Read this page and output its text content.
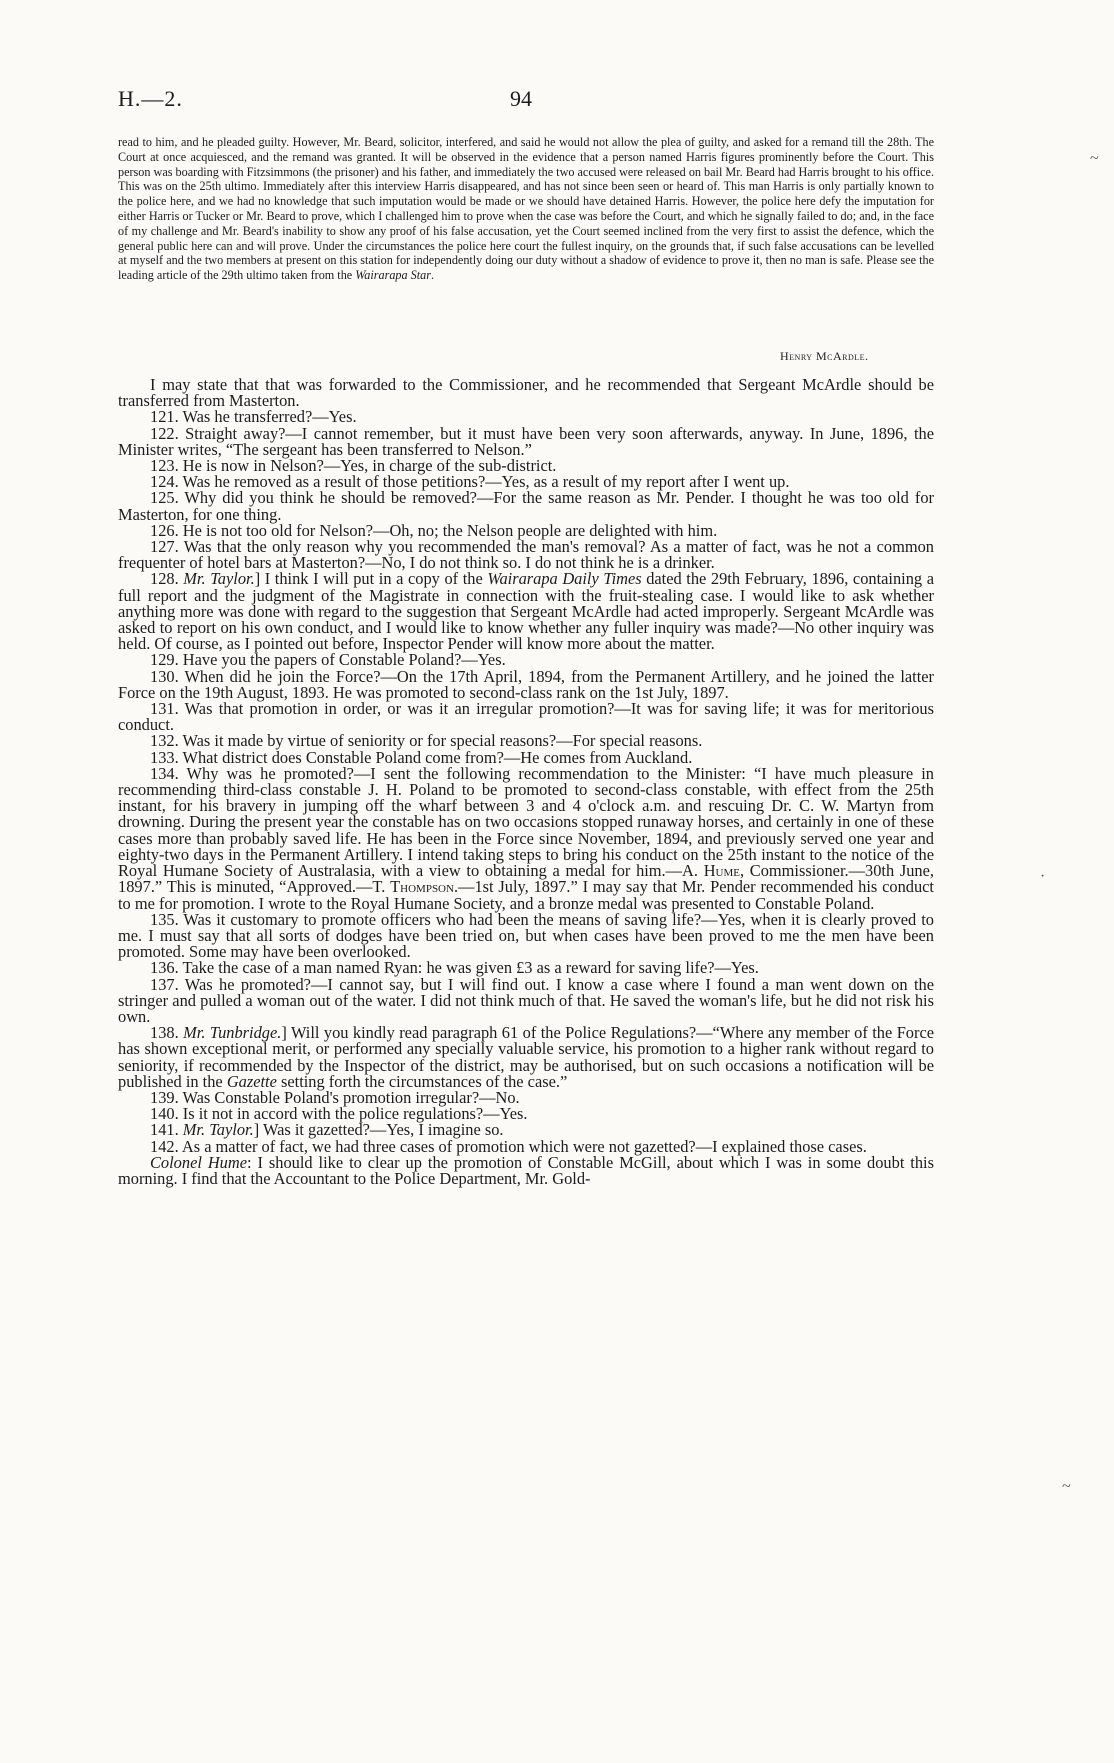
H.—2.	94

read to him, and he pleaded guilty. However, Mr. Beard, solicitor, interfered, and said he would not allow the plea of guilty, and asked for a remand till the 28th. The Court at once acquiesced, and the remand was granted. It will be observed in the evidence that a person named Harris figures prominently before the Court. This person was boarding with Fitzsimmons (the prisoner) and his father, and immediately the two accused were released on bail Mr. Beard had Harris brought to his office. This was on the 25th ultimo. Immediately after this interview Harris disappeared, and has not since been seen or heard of. This man Harris is only partially known to the police here, and we had no knowledge that such imputation would be made or we should have detained Harris. However, the police here defy the imputation for either Harris or Tucker or Mr. Beard to prove, which I challenged him to prove when the case was before the Court, and which he signally failed to do; and, in the face of my challenge and Mr. Beard's inability to show any proof of his false accusation, yet the Court seemed inclined from the very first to assist the defence, which the general public here can and will prove. Under the circumstances the police here court the fullest inquiry, on the grounds that, if such false accusations can be levelled at myself and the two members at present on this station for independently doing our duty without a shadow of evidence to prove it, then no man is safe. Please see the leading article of the 29th ultimo taken from the Wairarapa Star.

Henry McArdle.

I may state that that was forwarded to the Commissioner, and he recommended that Sergeant McArdle should be transferred from Masterton.

121. Was he transferred?—Yes.

122. Straight away?—I cannot remember, but it must have been very soon afterwards, anyway. In June, 1896, the Minister writes, “The sergeant has been transferred to Nelson.”

123. He is now in Nelson?—Yes, in charge of the sub-district.

124. Was he removed as a result of those petitions?—Yes, as a result of my report after I went up.

125. Why did you think he should be removed?—For the same reason as Mr. Pender. I thought he was too old for Masterton, for one thing.

126. He is not too old for Nelson?—Oh, no; the Nelson people are delighted with him.

127. Was that the only reason why you recommended the man's removal? As a matter of fact, was he not a common frequenter of hotel bars at Masterton?—No, I do not think so. I do not think he is a drinker.

128. Mr. Taylor.] I think I will put in a copy of the Wairarapa Daily Times dated the 29th February, 1896, containing a full report and the judgment of the Magistrate in connection with the fruit-stealing case. I would like to ask whether anything more was done with regard to the suggestion that Sergeant McArdle had acted improperly. Sergeant McArdle was asked to report on his own conduct, and I would like to know whether any fuller inquiry was made?—No other inquiry was held. Of course, as I pointed out before, Inspector Pender will know more about the matter.

129. Have you the papers of Constable Poland?—Yes.

130. When did he join the Force?—On the 17th April, 1894, from the Permanent Artillery, and he joined the latter Force on the 19th August, 1893. He was promoted to second-class rank on the 1st July, 1897.

131. Was that promotion in order, or was it an irregular promotion?—It was for saving life; it was for meritorious conduct.

132. Was it made by virtue of seniority or for special reasons?—For special reasons.

133. What district does Constable Poland come from?—He comes from Auckland.

134. Why was he promoted?—I sent the following recommendation to the Minister: “I have much pleasure in recommending third-class constable J. H. Poland to be promoted to second-class constable, with effect from the 25th instant, for his bravery in jumping off the wharf between 3 and 4 o'clock a.m. and rescuing Dr. C. W. Martyn from drowning. During the present year the constable has on two occasions stopped runaway horses, and certainly in one of these cases more than probably saved life. He has been in the Force since November, 1894, and previously served one year and eighty-two days in the Permanent Artillery. I intend taking steps to bring his conduct on the 25th instant to the notice of the Royal Humane Society of Australasia, with a view to obtaining a medal for him.—A. Hume, Commissioner.—30th June, 1897.” This is minuted, “Approved.—T. Thompson.—1st July, 1897.” I may say that Mr. Pender recommended his conduct to me for promotion. I wrote to the Royal Humane Society, and a bronze medal was presented to Constable Poland.

135. Was it customary to promote officers who had been the means of saving life?—Yes, when it is clearly proved to me. I must say that all sorts of dodges have been tried on, but when cases have been proved to me the men have been promoted. Some may have been overlooked.

136. Take the case of a man named Ryan: he was given £3 as a reward for saving life?—Yes.

137. Was he promoted?—I cannot say, but I will find out. I know a case where I found a man went down on the stringer and pulled a woman out of the water. I did not think much of that. He saved the woman's life, but he did not risk his own.

138. Mr. Tunbridge.] Will you kindly read paragraph 61 of the Police Regulations?—“Where any member of the Force has shown exceptional merit, or performed any specially valuable service, his promotion to a higher rank without regard to seniority, if recommended by the Inspector of the district, may be authorised, but on such occasions a notification will be published in the Gazette setting forth the circumstances of the case.”

139. Was Constable Poland's promotion irregular?—No.

140. Is it not in accord with the police regulations?—Yes.

141. Mr. Taylor.] Was it gazetted?—Yes, I imagine so.

142. As a matter of fact, we had three cases of promotion which were not gazetted?—I explained those cases.

Colonel Hume: I should like to clear up the promotion of Constable McGill, about which I was in some doubt this morning. I find that the Accountant to the Police Department, Mr. Gold-

~
·
~
